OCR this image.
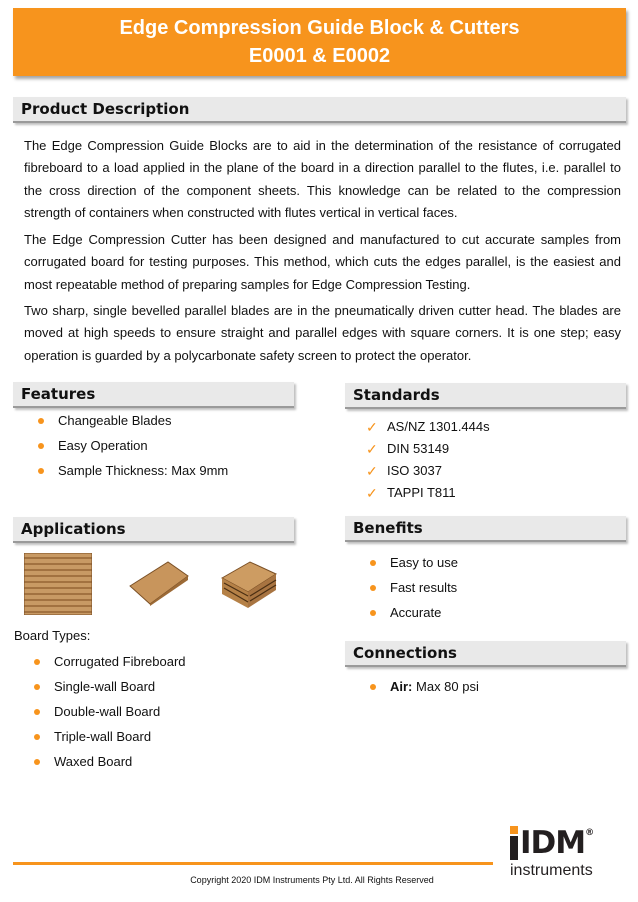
Edge Compression Guide Block & Cutters
E0001 & E0002
Product Description

The Edge Compression Guide Blocks are to aid in the determination of the resistance of corrugated fibreboard to a load applied in the plane of the board in a direction parallel to the flutes, i.e. parallel to the cross direction of the component sheets. This knowledge can be related to the compression strength of containers when constructed with flutes vertical in vertical faces.

The Edge Compression Cutter has been designed and manufactured to cut accurate samples from corrugated board for testing purposes. This method, which cuts the edges parallel, is the easiest and most repeatable method of preparing samples for Edge Compression Testing.

Two sharp, single bevelled parallel blades are in the pneumatically driven cutter head. The blades are moved at high speeds to ensure straight and parallel edges with square corners. It is one step; easy operation is guarded by a polycarbonate safety screen to protect the operator.

Features
Changeable Blades
Easy Operation
Sample Thickness: Max 9mm
Standards
✓ AS/NZ 1301.444s
✓ DIN 53149
✓ ISO 3037
✓ TAPPI T811
Applications
Board Types:
Corrugated Fibreboard
Single-wall Board
Double-wall Board
Triple-wall Board
Waxed Board
Benefits
Easy to use
Fast results
Accurate
Connections
Air: Max 80 psi
Copyright 2020 IDM Instruments Pty Ltd. All Rights Reserved
IDM®
instruments
